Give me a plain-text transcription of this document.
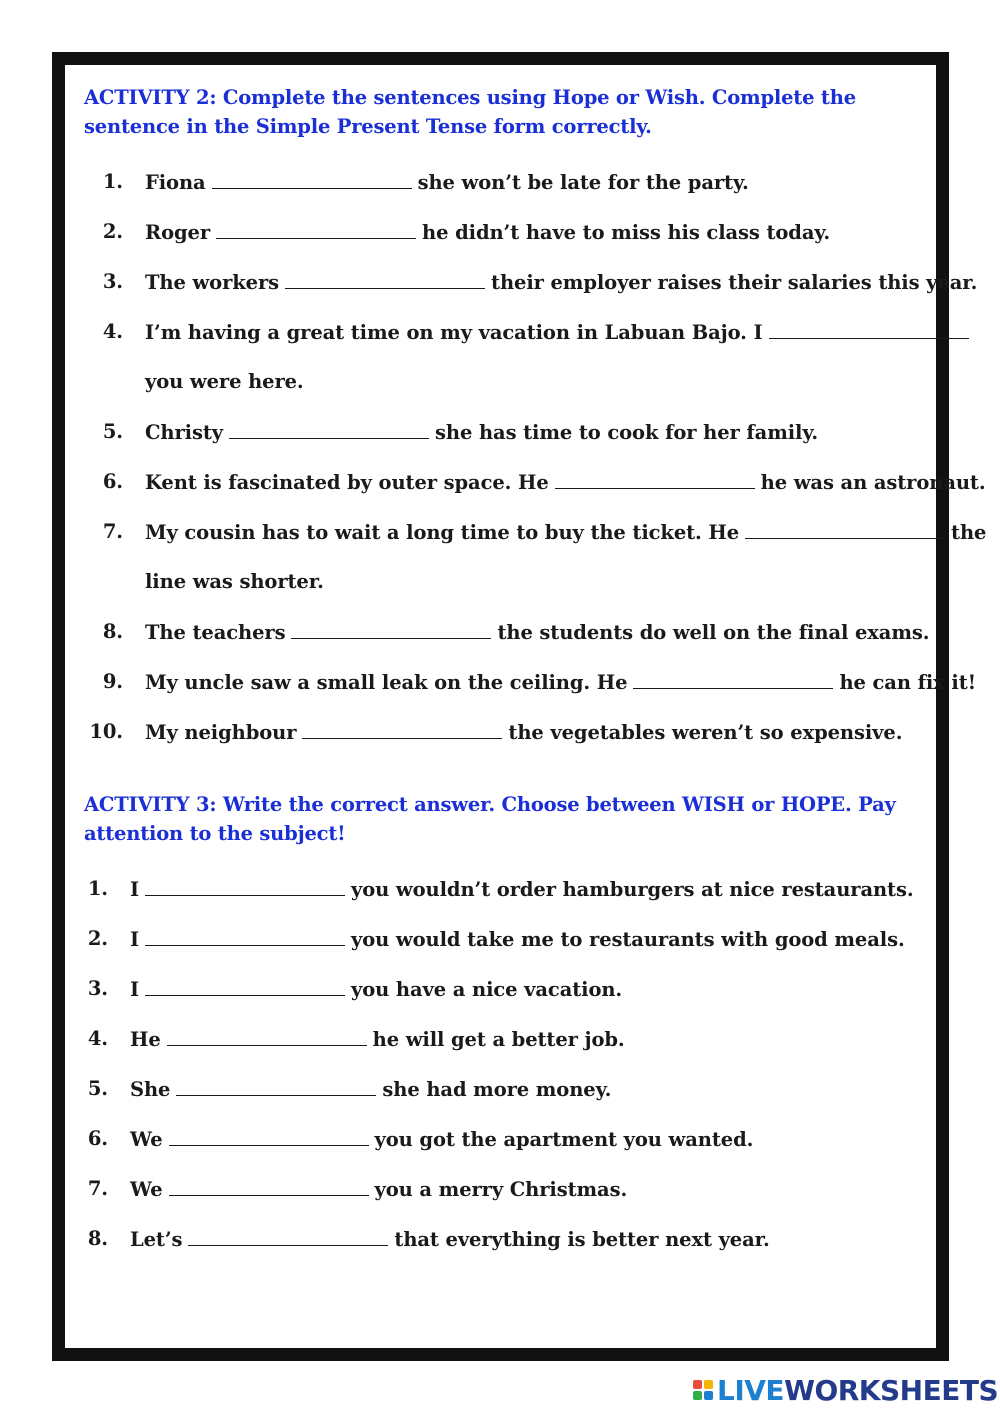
ACTIVITY 2: Complete the sentences using Hope or Wish. Complete the sentence in the Simple Present Tense form correctly.
1. Fiona	she won’t be late for the party.
2. Roger	he didn’t have to miss his class today.
3. The workers	their employer raises their salaries this year.
4. I’m having a great time on my vacation in Labuan Bajo. I
you were here.
5. Christy	she has time to cook for her family.
6. Kent is fascinated by outer space. He	he was an astronaut.
7. My cousin has to wait a long time to buy the ticket. He	the
line was shorter.
8. The teachers	the students do well on the final exams.
9. My uncle saw a small leak on the ceiling. He	he can fix it!
10. My neighbour	the vegetables weren’t so expensive.
ACTIVITY 3: Write the correct answer. Choose between WISH or HOPE. Pay attention to the subject!
1. I	you wouldn’t order hamburgers at nice restaurants.
2. I	you would take me to restaurants with good meals.
3. I	you have a nice vacation.
4. He	he will get a better job.
5. She	she had more money.
6. We	you got the apartment you wanted.
7. We	you a merry Christmas.
8. Let’s	that everything is better next year.
LIVE WORKSHEETS
